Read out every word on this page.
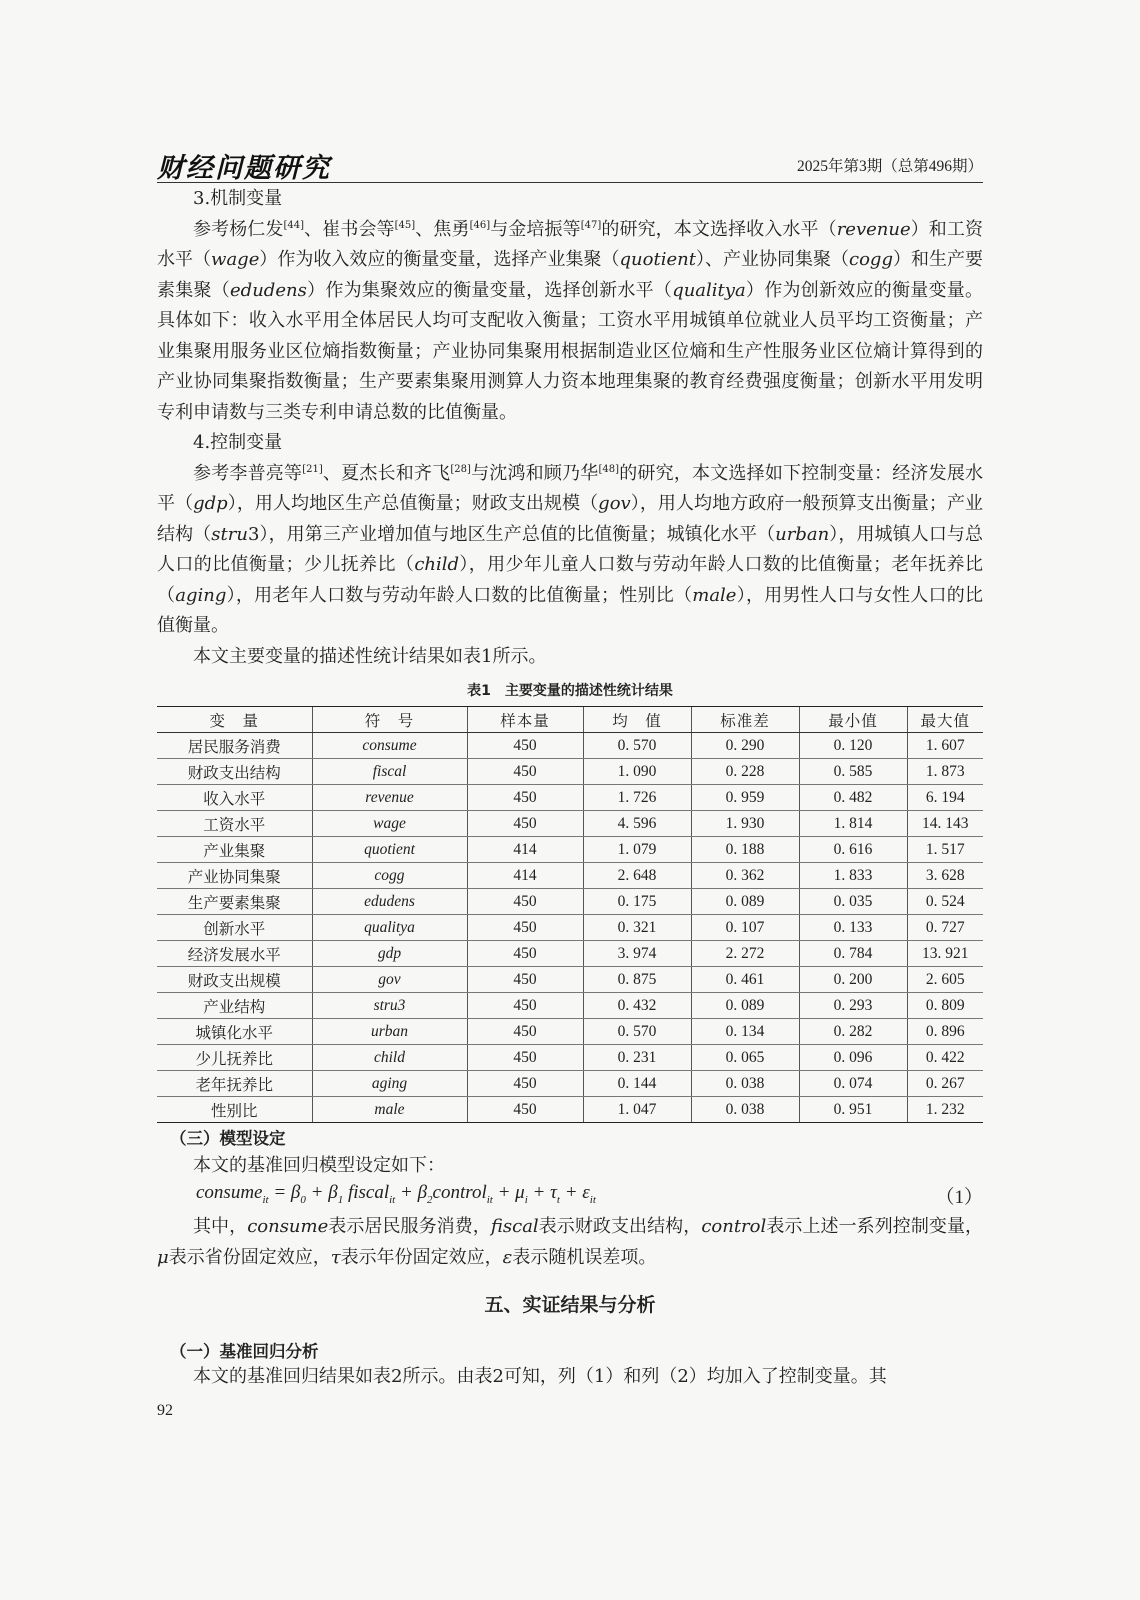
财经问题研究	2025年第3期（总第496期）

3.机制变量

参考杨仁发[44]、崔书会等[45]、焦勇[46]与金培振等[47]的研究，本文选择收入水平（revenue）和工资水平（wage）作为收入效应的衡量变量，选择产业集聚（quotient）、产业协同集聚（cogg）和生产要素集聚（edudens）作为集聚效应的衡量变量，选择创新水平（qualitya）作为创新效应的衡量变量。具体如下：收入水平用全体居民人均可支配收入衡量；工资水平用城镇单位就业人员平均工资衡量；产业集聚用服务业区位熵指数衡量；产业协同集聚用根据制造业区位熵和生产性服务业区位熵计算得到的产业协同集聚指数衡量；生产要素集聚用测算人力资本地理集聚的教育经费强度衡量；创新水平用发明专利申请数与三类专利申请总数的比值衡量。

4.控制变量

参考李普亮等[21]、夏杰长和齐飞[28]与沈鸿和顾乃华[48]的研究，本文选择如下控制变量：经济发展水平（gdp），用人均地区生产总值衡量；财政支出规模（gov），用人均地方政府一般预算支出衡量；产业结构（stru3），用第三产业增加值与地区生产总值的比值衡量；城镇化水平（urban），用城镇人口与总人口的比值衡量；少儿抚养比（child），用少年儿童人口数与劳动年龄人口数的比值衡量；老年抚养比（aging），用老年人口数与劳动年龄人口数的比值衡量；性别比（male），用男性人口与女性人口的比值衡量。

本文主要变量的描述性统计结果如表1所示。

表1　主要变量的描述性统计结果
变　量	符　号	样本量	均　值	标准差	最小值	最大值
居民服务消费	consume	450	0. 570	0. 290	0. 120	1. 607
财政支出结构	fiscal	450	1. 090	0. 228	0. 585	1. 873
收入水平	revenue	450	1. 726	0. 959	0. 482	6. 194
工资水平	wage	450	4. 596	1. 930	1. 814	14. 143
产业集聚	quotient	414	1. 079	0. 188	0. 616	1. 517
产业协同集聚	cogg	414	2. 648	0. 362	1. 833	3. 628
生产要素集聚	edudens	450	0. 175	0. 089	0. 035	0. 524
创新水平	qualitya	450	0. 321	0. 107	0. 133	0. 727
经济发展水平	gdp	450	3. 974	2. 272	0. 784	13. 921
财政支出规模	gov	450	0. 875	0. 461	0. 200	2. 605
产业结构	stru3	450	0. 432	0. 089	0. 293	0. 809
城镇化水平	urban	450	0. 570	0. 134	0. 282	0. 896
少儿抚养比	child	450	0. 231	0. 065	0. 096	0. 422
老年抚养比	aging	450	0. 144	0. 038	0. 074	0. 267
性别比	male	450	1. 047	0. 038	0. 951	1. 232
（三）模型设定

本文的基准回归模型设定如下：

consume$_{it}$ = $\beta_0 + \beta_1$ fiscal$_{it}$ + $\beta_2control_{it} + \mu_i + \tau_t + \varepsilon_{it}$	（1）

其中，consume表示居民服务消费，fiscal表示财政支出结构，control表示上述一系列控制变量，μ表示省份固定效应，τ表示年份固定效应，ε表示随机误差项。

五、实证结果与分析
（一）基准回归分析

本文的基准回归结果如表2所示。由表2可知，列（1）和列（2）均加入了控制变量。其

92
